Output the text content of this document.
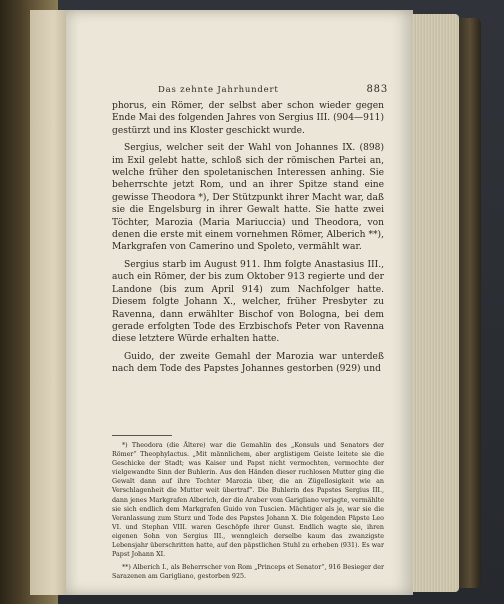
Das zehnte Jahrhundert	883

phorus, ein Römer, der selbst aber schon wieder gegen Ende Mai des folgenden Jahres von Sergius III. (904—911) gestürzt und ins Kloster geschickt wurde.

Sergius, welcher seit der Wahl von Johannes IX. (898) im Exil gelebt hatte, schloß sich der römischen Partei an, welche früher den spoletanischen Interessen anhing. Sie beherrschte jetzt Rom, und an ihrer Spitze stand eine gewisse Theodora *), Der Stützpunkt ihrer Macht war, daß sie die Engelsburg in ihrer Gewalt hatte. Sie hatte zwei Töchter, Marozia (Maria Mariuccia) und Theodora, von denen die erste mit einem vornehmen Römer, Alberich **), Markgrafen von Camerino und Spoleto, vermählt war.

Sergius starb im August 911. Ihm folgte Anastasius III., auch ein Römer, der bis zum Oktober 913 regierte und der Landone (bis zum April 914) zum Nachfolger hatte. Diesem folgte Johann X., welcher, früher Presbyter zu Ravenna, dann erwählter Bischof von Bologna, bei dem gerade erfolgten Tode des Erzbischofs Peter von Ravenna diese letztere Würde erhalten hatte.

Guido, der zweite Gemahl der Marozia war unterdeß nach dem Tode des Papstes Johannes gestorben (929) und

*) Theodora (die Ältere) war die Gemahlin des „Konsuls und Senators der Römer“ Theophylactus. „Mit männlichem, aber arglistigem Geiste leitete sie die Geschicke der Stadt; was Kaiser und Papst nicht vermochten, vermochte der vielgewandte Sinn der Buhlerin. Aus den Händen dieser ruchlosen Mutter ging die Gewalt dann auf ihre Tochter Marozia über, die an Zügellosigkeit wie an Verschlagenheit die Mutter weit übertraf“. Die Buhlerin des Papstes Sergius III., dann jenes Markgrafen Alberich, der die Araber vom Garigliano verjagte, vermählte sie sich endlich dem Markgrafen Guido von Tuscien. Mächtiger als je, war sie die Veranlassung zum Sturz und Tode des Papstes Johann X. Die folgenden Päpste Leo VI. und Stephan VIII. waren Geschöpfe ihrer Gunst. Endlich wagte sie, ihren eigenen Sohn von Sergius III., wenngleich derselbe kaum das zwanzigste Lebensjahr überschritten hatte, auf den päpstlichen Stuhl zu erheben (931). Es war Papst Johann XI.

**) Alberich I., als Beherrscher von Rom „Princeps et Senator“, 916 Besieger der Sarazenen am Garigliano, gestorben 925.
